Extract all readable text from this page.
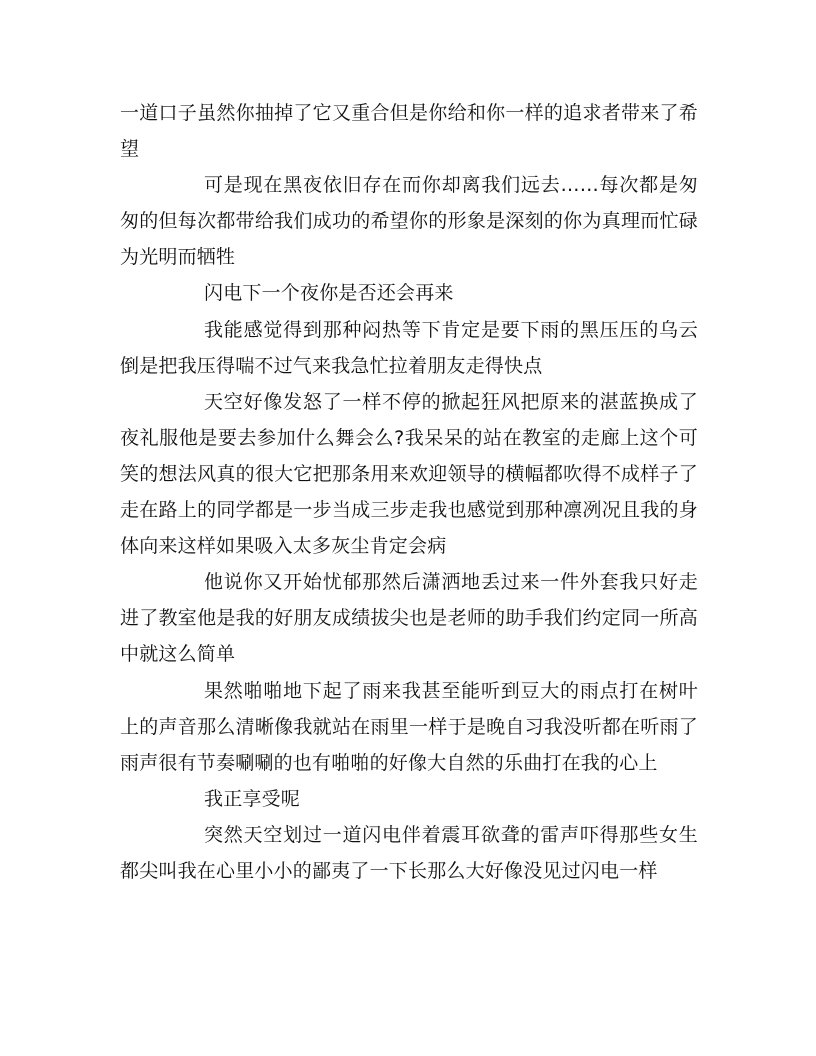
一道口子虽然你抽掉了它又重合但是你给和你一样的追求者带来了希望

可是现在黑夜依旧存在而你却离我们远去……每次都是匆匆的但每次都带给我们成功的希望你的形象是深刻的你为真理而忙碌为光明而牺牲

闪电下一个夜你是否还会再来

我能感觉得到那种闷热等下肯定是要下雨的黑压压的乌云倒是把我压得喘不过气来我急忙拉着朋友走得快点

天空好像发怒了一样不停的掀起狂风把原来的湛蓝换成了夜礼服他是要去参加什么舞会么?我呆呆的站在教室的走廊上这个可笑的想法风真的很大它把那条用来欢迎领导的横幅都吹得不成样子了走在路上的同学都是一步当成三步走我也感觉到那种凛冽况且我的身体向来这样如果吸入太多灰尘肯定会病

他说你又开始忧郁那然后潇洒地丢过来一件外套我只好走进了教室他是我的好朋友成绩拔尖也是老师的助手我们约定同一所高中就这么简单

果然啪啪地下起了雨来我甚至能听到豆大的雨点打在树叶上的声音那么清晰像我就站在雨里一样于是晚自习我没听都在听雨了雨声很有节奏唰唰的也有啪啪的好像大自然的乐曲打在我的心上

我正享受呢

突然天空划过一道闪电伴着震耳欲聋的雷声吓得那些女生都尖叫我在心里小小的鄙夷了一下长那么大好像没见过闪电一样
